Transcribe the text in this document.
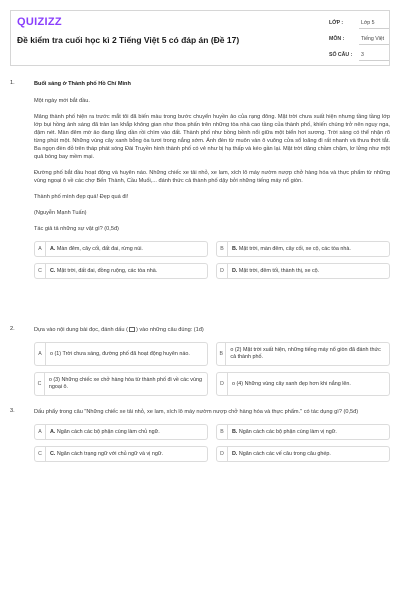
QUIZIZZ
Đề kiểm tra cuối học kì 2 Tiếng Việt 5 có đáp án (Đề 17)
LỚP :	Lớp 5
MÔN :	Tiếng Việt
SỐ CÂU :	3
1.	Buổi sáng ở Thành phố Hồ Chí Minh
Một ngày mới bắt đầu.
Mảng thành phố hiện ra trước mắt tôi đã biến màu trong bước chuyển huyền ảo của rạng đông. Mặt trời chưa xuất hiện nhưng tầng tầng lớp lớp bụi hồng ánh sáng đã tràn lan khắp không gian như thoa phấn trên những tòa nhà cao tầng của thành phố, khiến chúng trở nên nguy nga, đậm nét. Màn đêm mờ ảo đang lắng dần rồi chìm vào đất. Thành phố như bồng bềnh nổi giữa một biển hơi sương. Trời sáng có thể nhận rõ từng phút một. Những vùng cây xanh bỗng òa tươi trong nắng sớm. Ánh đèn từ muôn vàn ô vuông cửa sổ loãng đi rất nhanh và thưa thớt tắt. Ba ngọn đèn đỏ trên tháp phát sóng Đài Truyền hình thành phố có vẻ như bị hạ thấp và kéo gần lại. Mặt trời dâng chầm chậm, lơ lửng như một quả bóng bay mềm mại.
Đường phố bắt đầu hoạt động và huyên náo. Những chiếc xe tải nhỏ, xe lam, xích lô máy nườm nượp chở hàng hóa và thực phẩm từ những vùng ngoại ô về các chợ Bến Thành, Cầu Muối,... đánh thức cả thành phố dậy bởi những tiếng máy nổ giòn.
Thành phố mình đẹp quá! Đẹp quá đi!
(Nguyễn Mạnh Tuấn)
Tác giả tả những sự vật gì? (0,5đ)
A	A. Màn đêm, cây cối, đất đai, rừng núi.	B	B. Mặt trời, màn đêm, cây cối, xe cộ, các tòa nhà.
C	C. Mặt trời, đất đai, đồng ruộng, các tòa nhà.	D	D. Mặt trời, đêm tối, thành thị, xe cộ.
2.	Dựa vào nội dung bài đọc, đánh dấu ( ) vào những câu đúng: (1đ)
A	o (1) Trời chưa sáng, đường phố đã hoạt động huyên náo.	B
o (2) Mặt trời xuất hiện, những tiếng máy nổ giòn đã đánh thức cả thành phố.
C
o (3) Những chiếc xe chở hàng hóa từ thành phố đi về các vùng ngoại ô.	D	o (4) Những vùng cây xanh đẹp hơn khi nắng lên.
3.	Dấu phẩy trong câu "Những chiếc xe tải nhỏ, xe lam, xích lô máy nườm nượp chở hàng hóa và thực phẩm." có tác dụng gì? (0,5đ)
A	A. Ngăn cách các bộ phận cùng làm chủ ngữ.	B	B. Ngăn cách các bộ phận cùng làm vị ngữ.
C	C. Ngăn cách trạng ngữ với chủ ngữ và vị ngữ.	D	D. Ngăn cách các vế câu trong câu ghép.
